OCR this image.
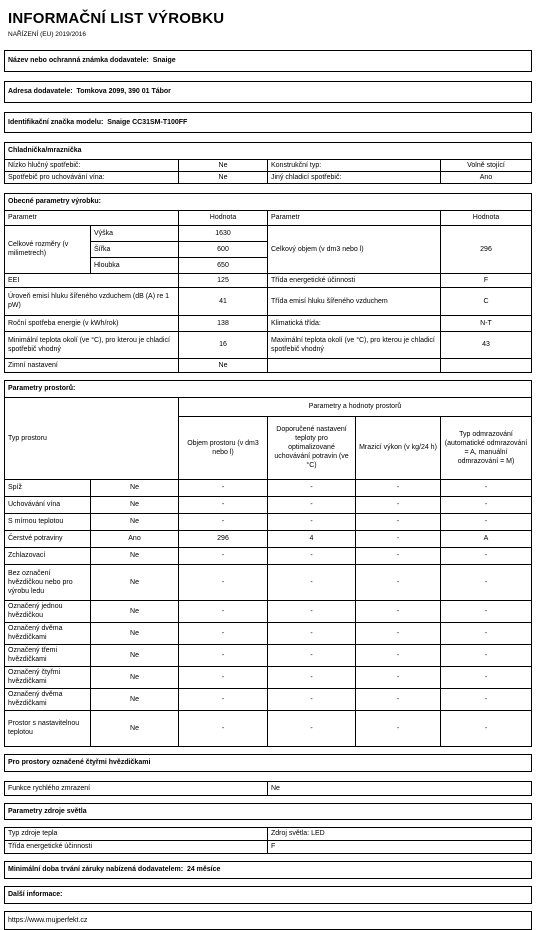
INFORMAČNÍ LIST VÝROBKU
NAŘÍZENÍ (EU) 2019/2016

Název nebo ochranná známka dodavatele: Snaige					

Adresa dodavatele: Tomkova 2099, 390 01 Tábor					

Identifikační značka modelu: Snaige CC31SM-T100FF					

Chladnička/mraznička					
Nízko hlučný spotřebič:		Ne	Konstrukční typ:		Volně stojící
Spotřebič pro uchovávání vína:		Ne	Jiný chladicí spotřebič:		Ano

Obecné parametry výrobku:					
Parametr		Hodnota	Parametr		Hodnota
Celkové rozměry (v milimetrech)	Výška	1630	Celkový objem (v dm3 nebo l)		296
	Šířka	600			
	Hloubka	650			
EEI		125	Třída energetické účinnosti		F
Úroveň emisí hluku šířeného vzduchem (dB (A) re 1 pW)		41	Třída emisí hluku šířeného vzduchem		C
Roční spotřeba energie (v kWh/rok)		138	Klimatická třída:		N-T
Minimální teplota okolí (ve °C), pro kterou je chladicí spotřebič vhodný		16	Maximální teplota okolí (ve °C), pro kterou je chladicí spotřebič vhodný		43
Zimní nastavení		Ne			

Parametry prostorů:					
Typ prostoru		Parametry a hodnoty prostorů			
		Objem prostoru (v dm3 nebo l)	Doporučené nastavení teploty pro optimalizované uchovávání potravin (ve °C)	Mrazicí výkon (v kg/24 h)	Typ odmrazování (automatické odmrazování = A, manuální odmrazování = M)
Spíž	Ne	-	-	-	-
Uchovávání vína	Ne	-	-	-	-
S mírnou teplotou	Ne	-	-	-	-
Čerstvé potraviny	Ano	296	4	-	A
Zchlazovací	Ne	-	-	-	-
Bez označení hvězdičkou nebo pro výrobu ledu	Ne	-	-	-	-
Označený jednou hvězdičkou	Ne	-	-	-	-
Označený dvěma hvězdičkami	Ne	-	-	-	-
Označený třemi hvězdičkami	Ne	-	-	-	-
Označený čtyřmi hvězdičkami	Ne	-	-	-	-
Označený dvěma hvězdičkami	Ne	-	-	-	-
Prostor s nastavitelnou teplotou	Ne	-	-	-	-

Pro prostory označené čtyřmi hvězdičkami					

Funkce rychlého zmrazení			Ne		

Parametry zdroje světla					

Typ zdroje tepla			Zdroj světla: LED		
Třída energetické účinnosti			F		

Minimální doba trvání záruky nabízená dodavatelem: 24 měsíce					

Další informace:					

https://www.mujperfekt.cz					
